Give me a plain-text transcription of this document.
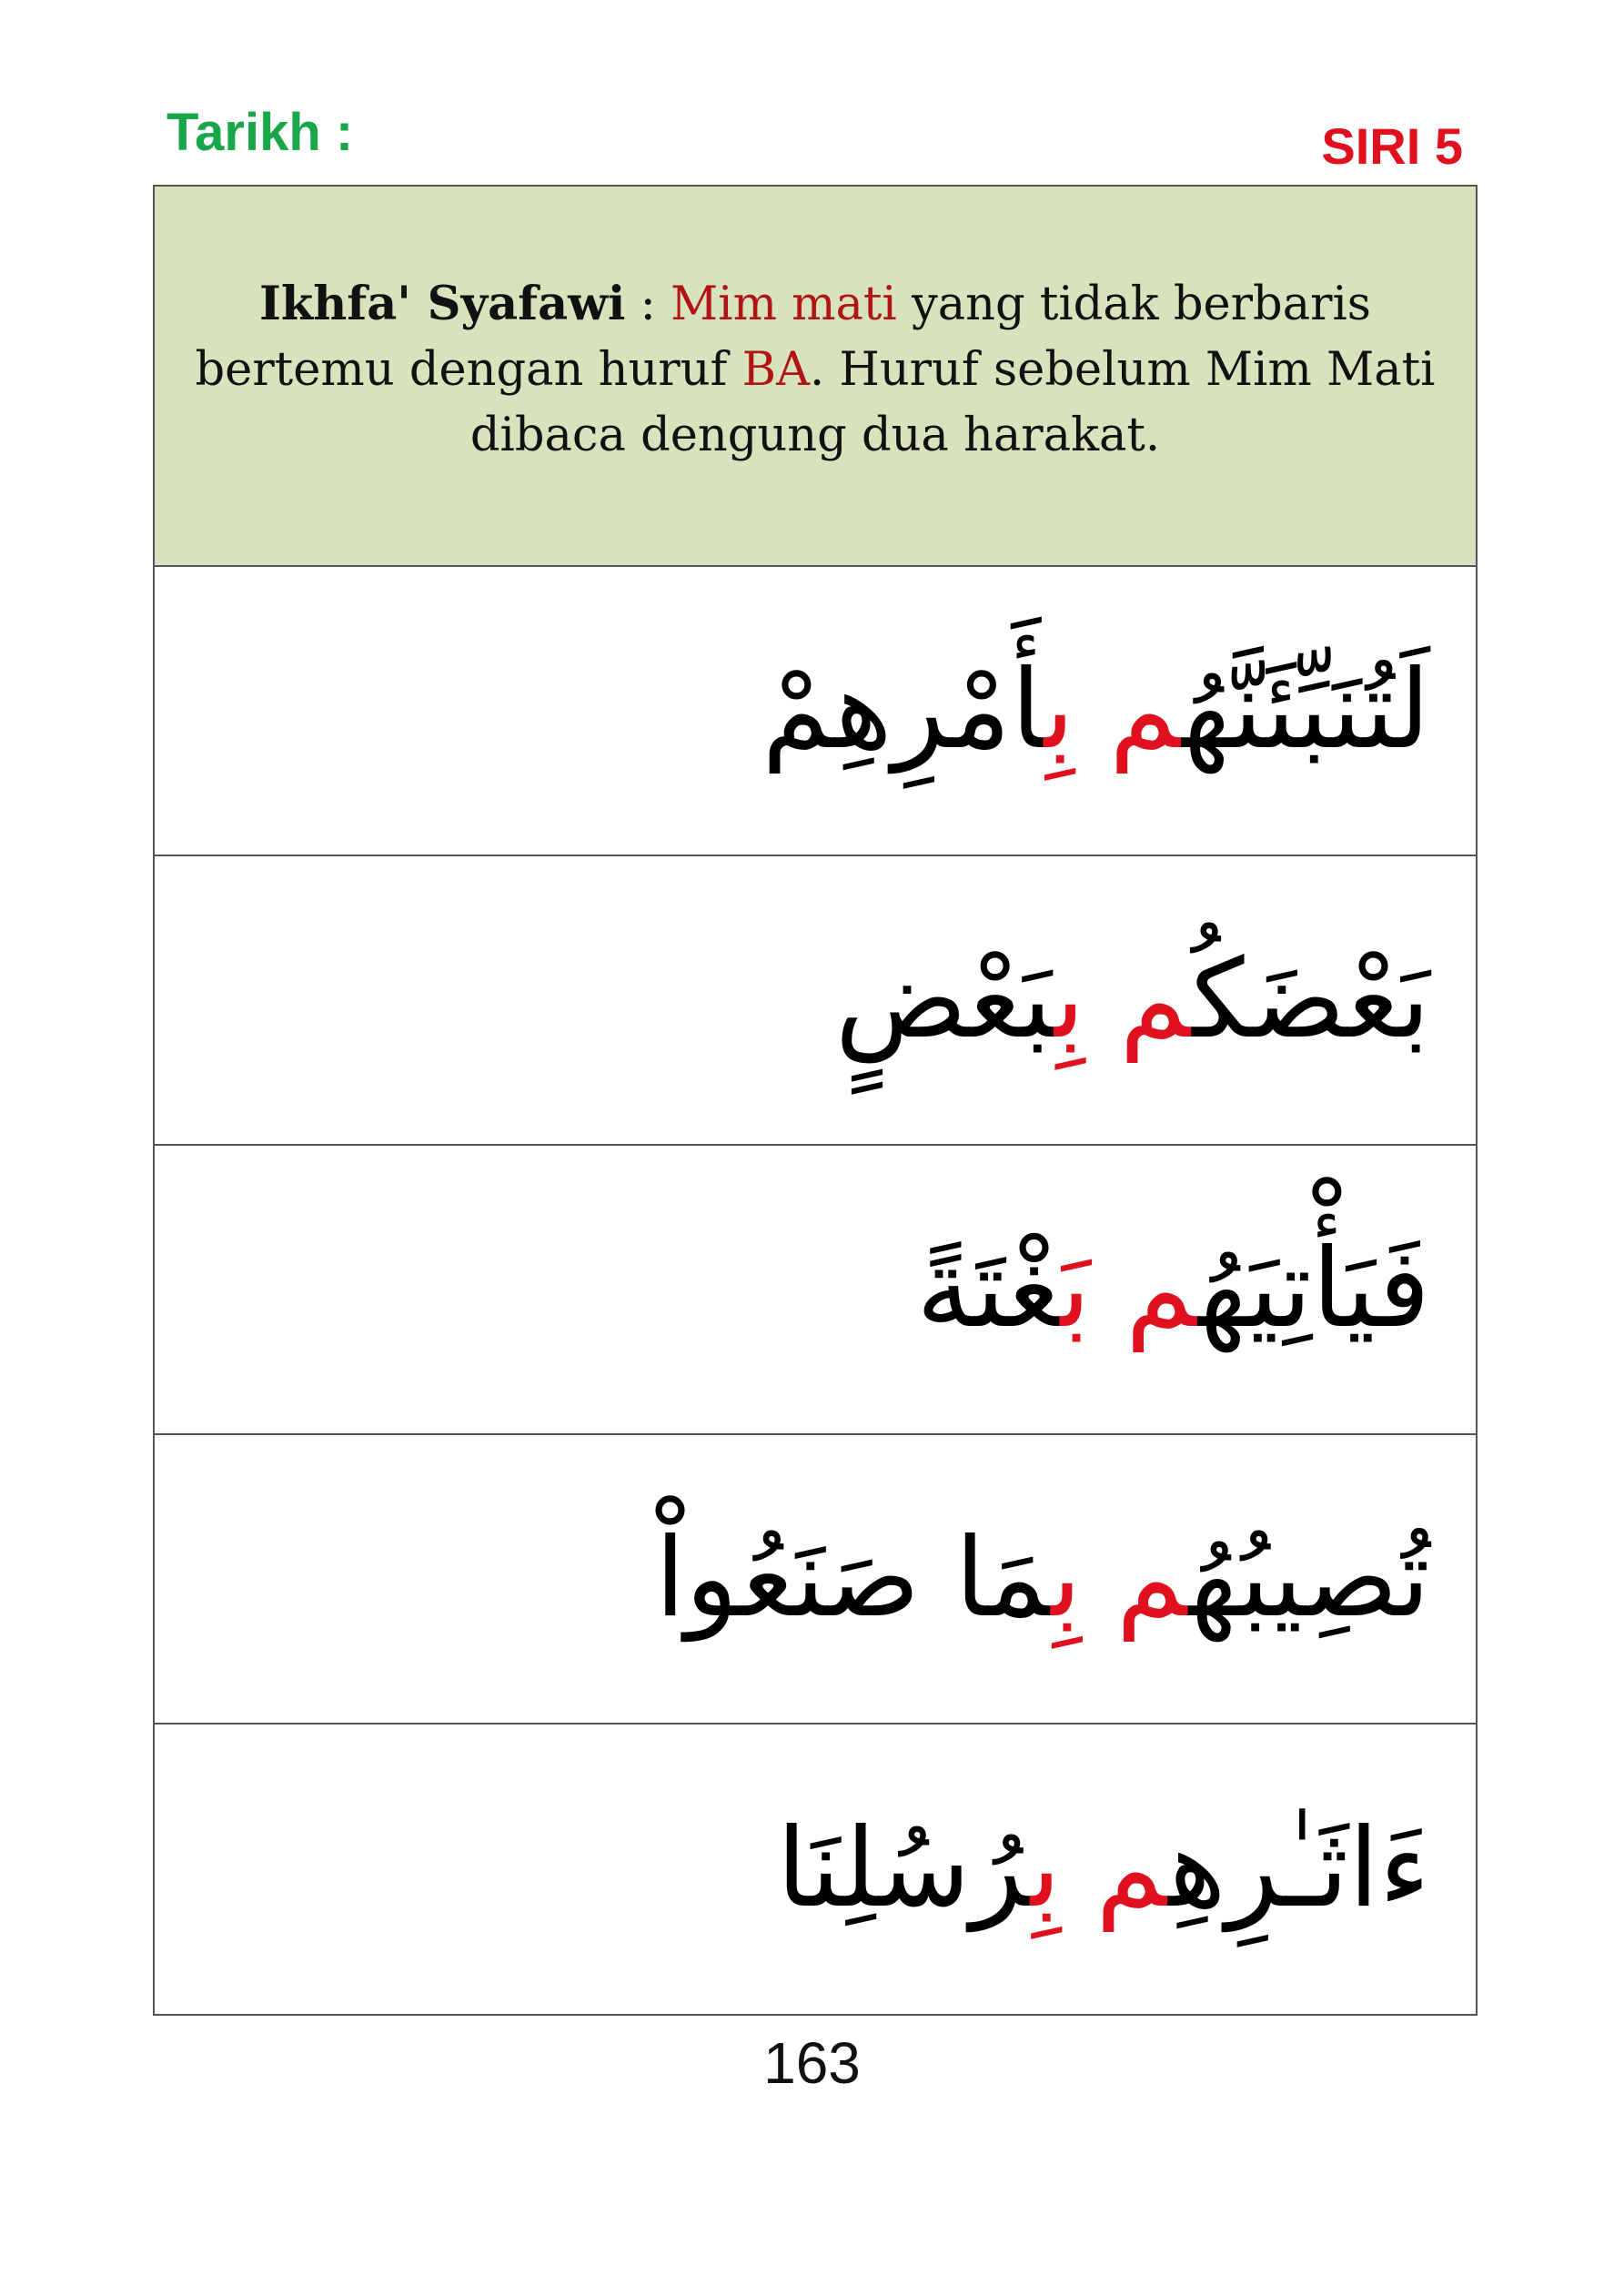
Tarikh :	SIRI 5
Ikhfa' Syafawi : Mim mati yang tidak berbaris bertemu dengan huruf BA. Huruf sebelum Mim Mati dibaca dengung dua harakat.
لَتُنَبِّئَنَّهُم بِأَمْرِهِمْ
بَعْضَكُم بِبَعْضٍ
فَيَأْتِيَهُم بَغْتَةً
تُصِيبُهُم بِمَا صَنَعُواْ
ءَاثَـٰرِهِم بِرُسُلِنَا
163
